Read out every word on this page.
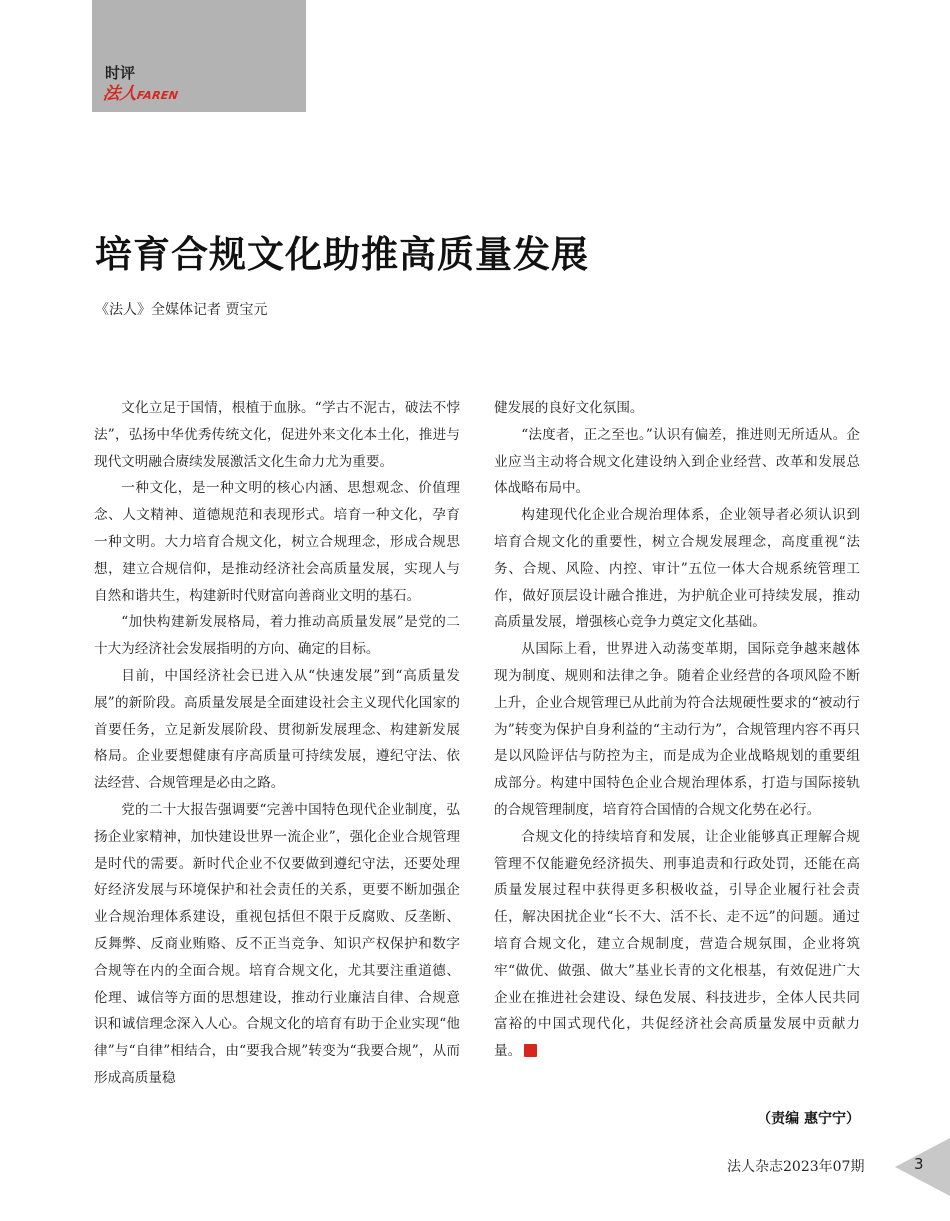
时评
法人FAREN
培育合规文化助推高质量发展
《法人》全媒体记者 贾宝元

文化立足于国情，根植于血脉。“学古不泥古，破法不悖法”，弘扬中华优秀传统文化，促进外来文化本土化，推进与现代文明融合赓续发展激活文化生命力尤为重要。

一种文化，是一种文明的核心内涵、思想观念、价值理念、人文精神、道德规范和表现形式。培育一种文化，孕育一种文明。大力培育合规文化，树立合规理念，形成合规思想，建立合规信仰，是推动经济社会高质量发展，实现人与自然和谐共生，构建新时代财富向善商业文明的基石。

“加快构建新发展格局，着力推动高质量发展”是党的二十大为经济社会发展指明的方向、确定的目标。

目前，中国经济社会已进入从“快速发展”到“高质量发展”的新阶段。高质量发展是全面建设社会主义现代化国家的首要任务，立足新发展阶段、贯彻新发展理念、构建新发展格局。企业要想健康有序高质量可持续发展，遵纪守法、依法经营、合规管理是必由之路。

党的二十大报告强调要“完善中国特色现代企业制度，弘扬企业家精神，加快建设世界一流企业”，强化企业合规管理是时代的需要。新时代企业不仅要做到遵纪守法，还要处理好经济发展与环境保护和社会责任的关系，更要不断加强企业合规治理体系建设，重视包括但不限于反腐败、反垄断、反舞弊、反商业贿赂、反不正当竞争、知识产权保护和数字合规等在内的全面合规。培育合规文化，尤其要注重道德、伦理、诚信等方面的思想建设，推动行业廉洁自律、合规意识和诚信理念深入人心。合规文化的培育有助于企业实现“他律”与“自律”相结合，由“要我合规”转变为“我要合规”，从而形成高质量稳

健发展的良好文化氛围。

“法度者，正之至也。”认识有偏差，推进则无所适从。企业应当主动将合规文化建设纳入到企业经营、改革和发展总体战略布局中。

构建现代化企业合规治理体系，企业领导者必须认识到培育合规文化的重要性，树立合规发展理念，高度重视“法务、合规、风险、内控、审计”五位一体大合规系统管理工作，做好顶层设计融合推进，为护航企业可持续发展，推动高质量发展，增强核心竞争力奠定文化基础。

从国际上看，世界进入动荡变革期，国际竞争越来越体现为制度、规则和法律之争。随着企业经营的各项风险不断上升，企业合规管理已从此前为符合法规硬性要求的“被动行为”转变为保护自身利益的“主动行为”，合规管理内容不再只是以风险评估与防控为主，而是成为企业战略规划的重要组成部分。构建中国特色企业合规治理体系，打造与国际接轨的合规管理制度，培育符合国情的合规文化势在必行。

合规文化的持续培育和发展，让企业能够真正理解合规管理不仅能避免经济损失、刑事追责和行政处罚，还能在高质量发展过程中获得更多积极收益，引导企业履行社会责任，解决困扰企业“长不大、活不长、走不远”的问题。通过培育合规文化，建立合规制度，营造合规氛围，企业将筑牢“做优、做强、做大”基业长青的文化根基，有效促进广大企业在推进社会建设、绿色发展、科技进步，全体人民共同富裕的中国式现代化，共促经济社会高质量发展中贡献力量。

（责编 惠宁宁）
法人杂志2023年07期	3
